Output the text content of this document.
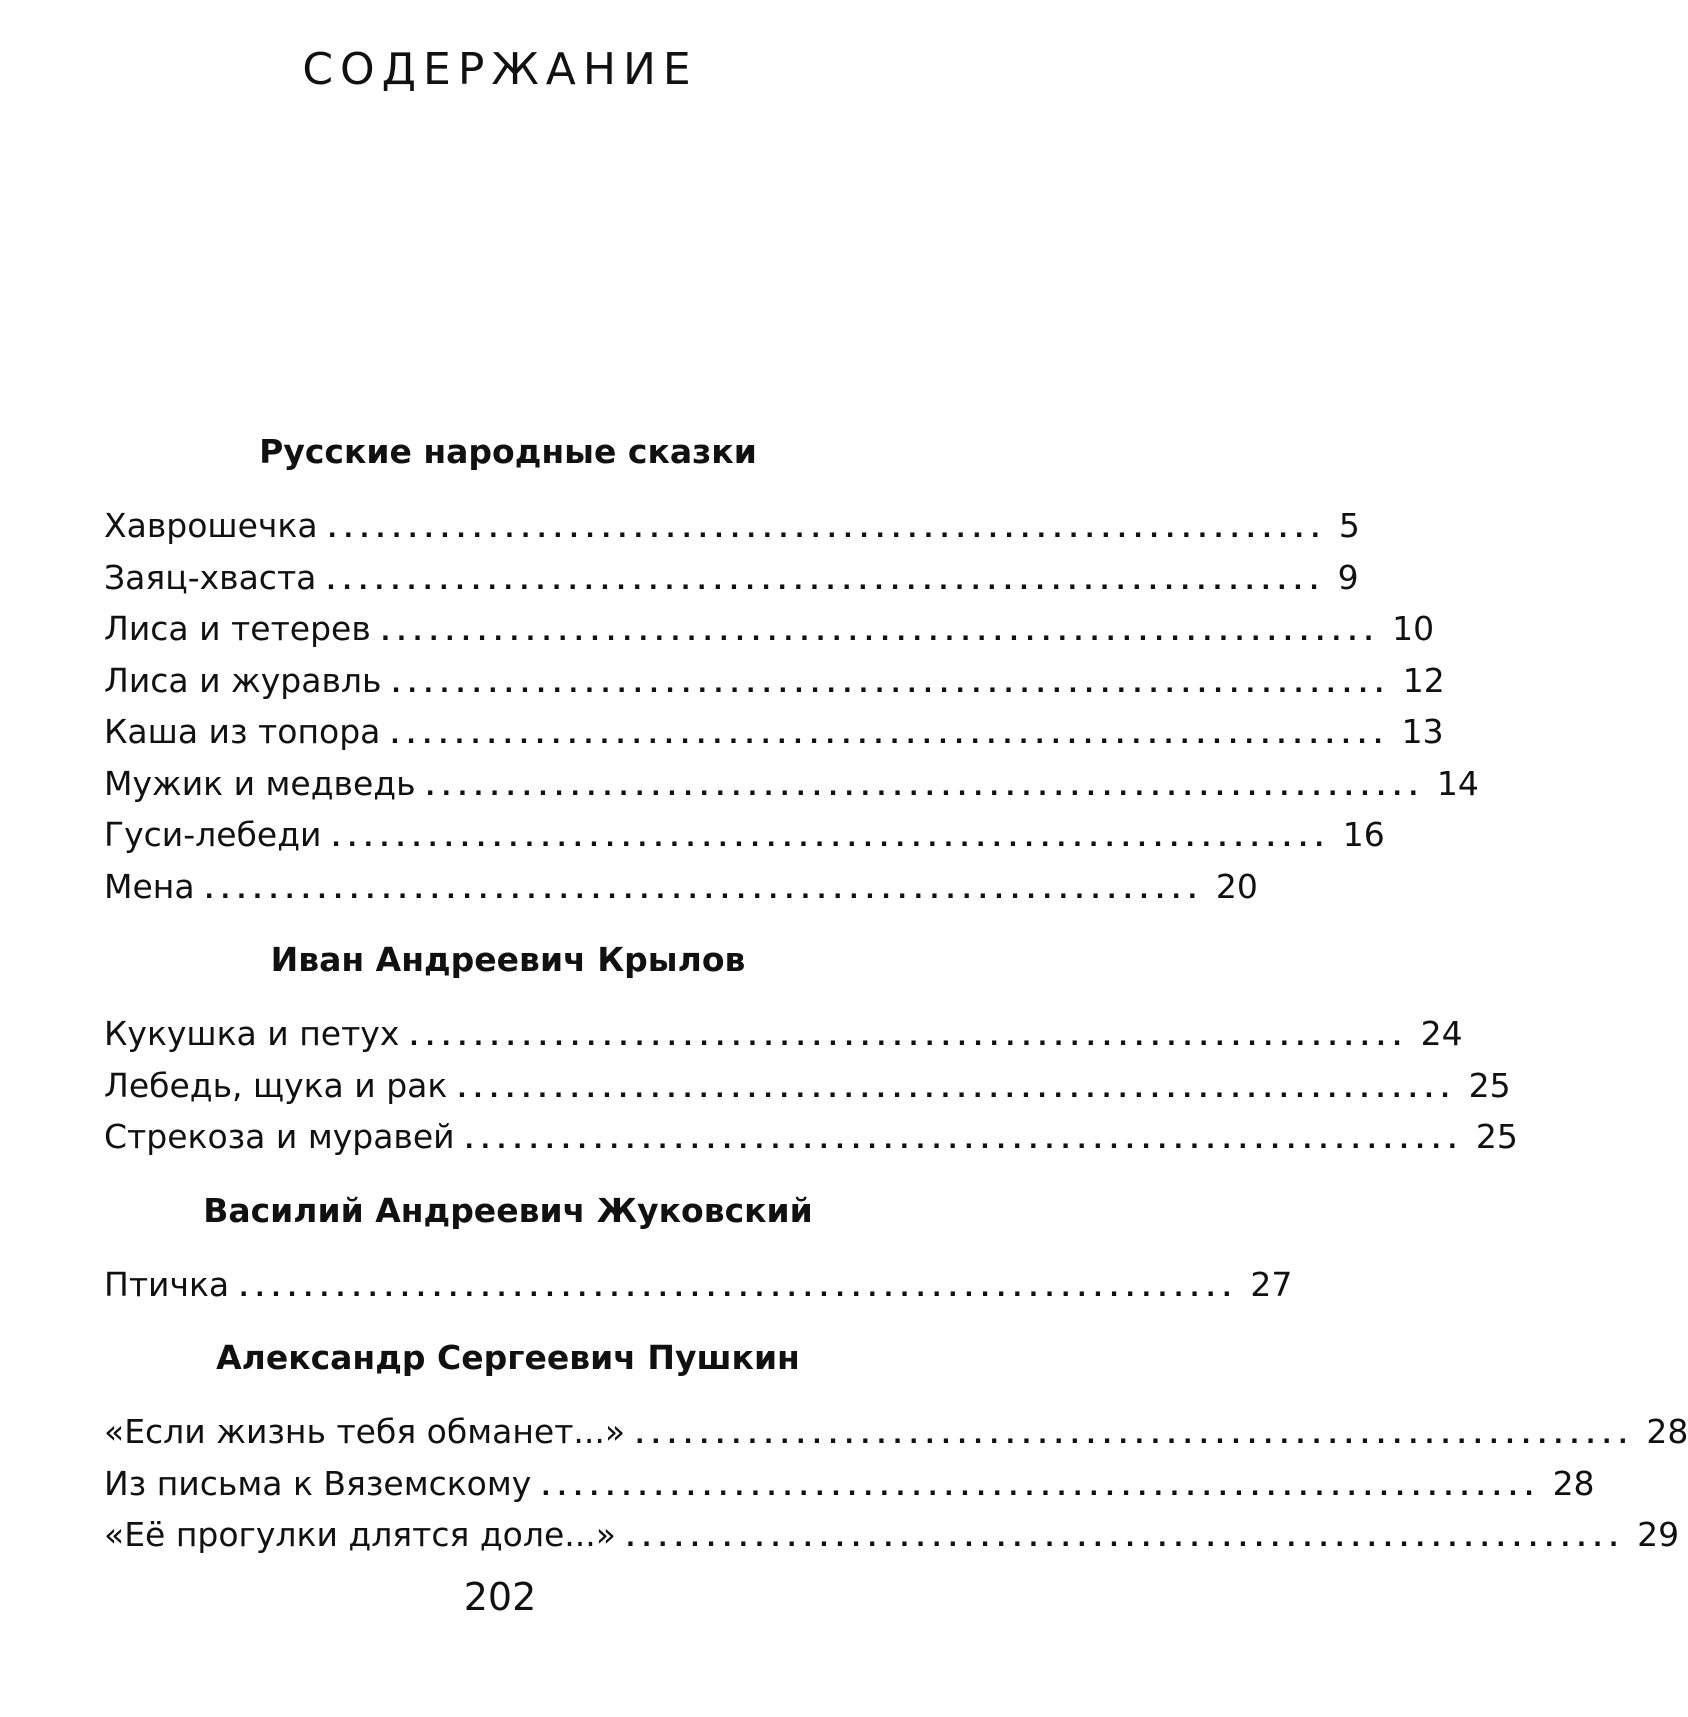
СОДЕРЖАНИЕ
Русские народные сказки
Хаврошечка .............................................................. 5
Заяц-хваста .............................................................. 9
Лиса и тетерев .............................................................. 10
Лиса и журавль .............................................................. 12
Каша из топора .............................................................. 13
Мужик и медведь .............................................................. 14
Гуси-лебеди .............................................................. 16
Мена .............................................................. 20
Иван Андреевич Крылов
Кукушка и петух .............................................................. 24
Лебедь, щука и рак .............................................................. 25
Стрекоза и муравей .............................................................. 25
Василий Андреевич Жуковский
Птичка .............................................................. 27
Александр Сергеевич Пушкин
«Если жизнь тебя обманет...» .............................................................. 28
Из письма к Вяземскому .............................................................. 28
«Её прогулки длятся доле...» .............................................................. 29

202
